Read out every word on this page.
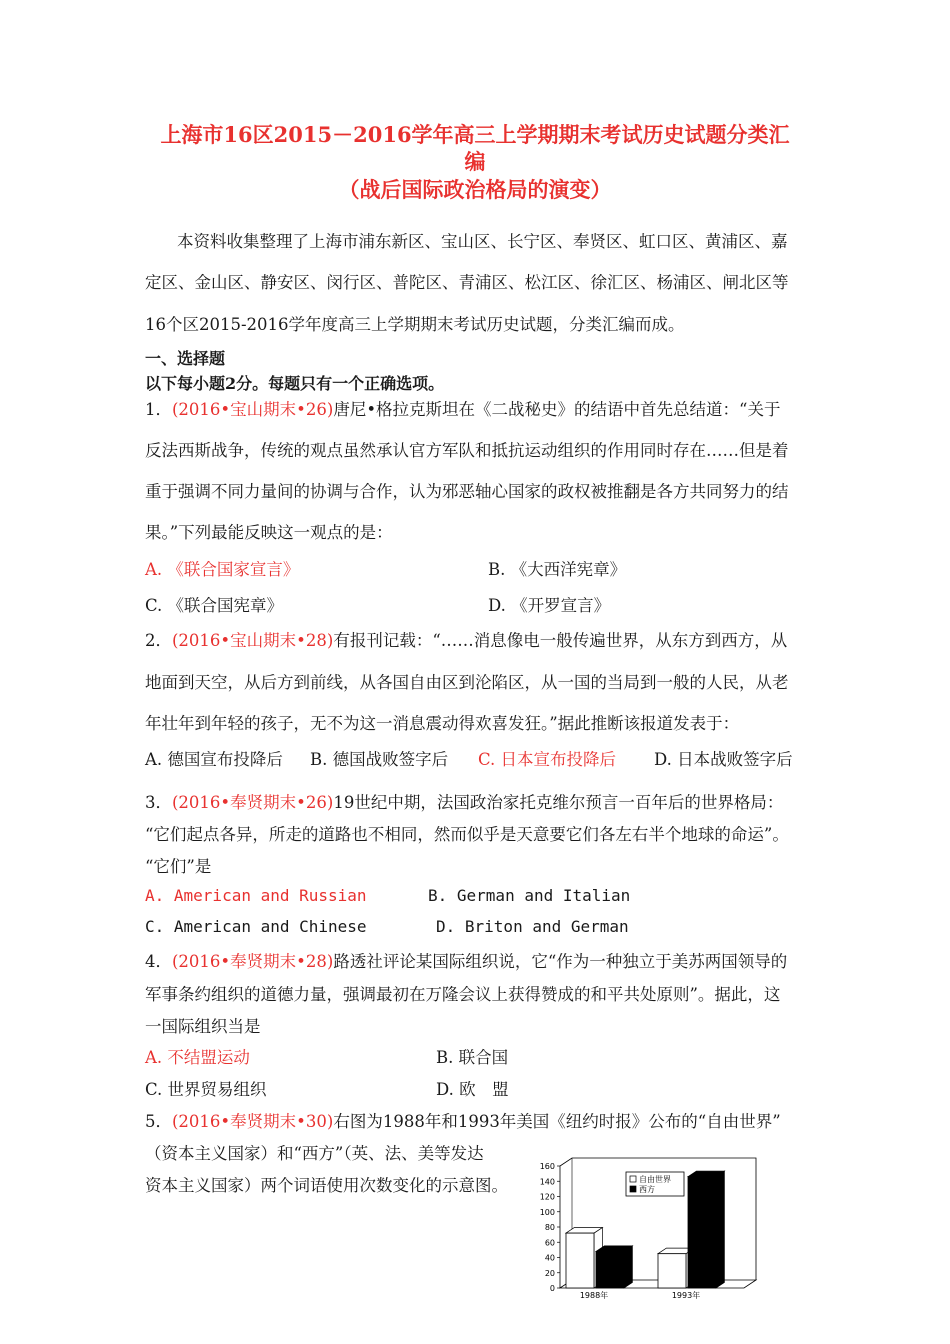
上海市16区2015－2016学年高三上学期期末考试历史试题分类汇
编
（战后国际政治格局的演变）
本资料收集整理了上海市浦东新区、宝山区、长宁区、奉贤区、虹口区、黄浦区、嘉
定区、金山区、静安区、闵行区、普陀区、青浦区、松江区、徐汇区、杨浦区、闸北区等
16个区2015-2016学年度高三上学期期末考试历史试题，分类汇编而成。
一、选择题
以下每小题2分。每题只有一个正确选项。
1．(2016•宝山期末•26)唐尼•格拉克斯坦在《二战秘史》的结语中首先总结道：“关于
反法西斯战争，传统的观点虽然承认官方军队和抵抗运动组织的作用同时存在……但是着
重于强调不同力量间的协调与合作，认为邪恶轴心国家的政权被推翻是各方共同努力的结
果。”下列最能反映这一观点的是：
A. 《联合国家宣言》	B. 《大西洋宪章》
C. 《联合国宪章》	D. 《开罗宣言》
2．(2016•宝山期末•28)有报刊记载：“……消息像电一般传遍世界，从东方到西方，从
地面到天空，从后方到前线，从各国自由区到沦陷区，从一国的当局到一般的人民，从老
年壮年到年轻的孩子，无不为这一消息震动得欢喜发狂。”据此推断该报道发表于：
A. 德国宣布投降后 B. 德国战败签字后 C. 日本宣布投降后 D. 日本战败签字后
3．(2016•奉贤期末•26)19世纪中期，法国政治家托克维尔预言一百年后的世界格局：
“它们起点各异，所走的道路也不相同，然而似乎是天意要它们各左右半个地球的命运”。
“它们”是
A. American and Russian	B. German and Italian
C. American and Chinese	D. Briton and German
4．(2016•奉贤期末•28)路透社评论某国际组织说，它“作为一种独立于美苏两国领导的
军事条约组织的道德力量，强调最初在万隆会议上获得赞成的和平共处原则”。据此，这
一国际组织当是
A. 不结盟运动	B. 联合国
C. 世界贸易组织	D. 欧　盟
5．(2016•奉贤期末•30)右图为1988年和1993年美国《纽约时报》公布的“自由世界”
（资本主义国家）和“西方”（英、法、美等发达
资本主义国家）两个词语使用次数变化的示意图。
0
20
40
60
80
100
120
140
160
1988年	1993年
自由世界
西方
